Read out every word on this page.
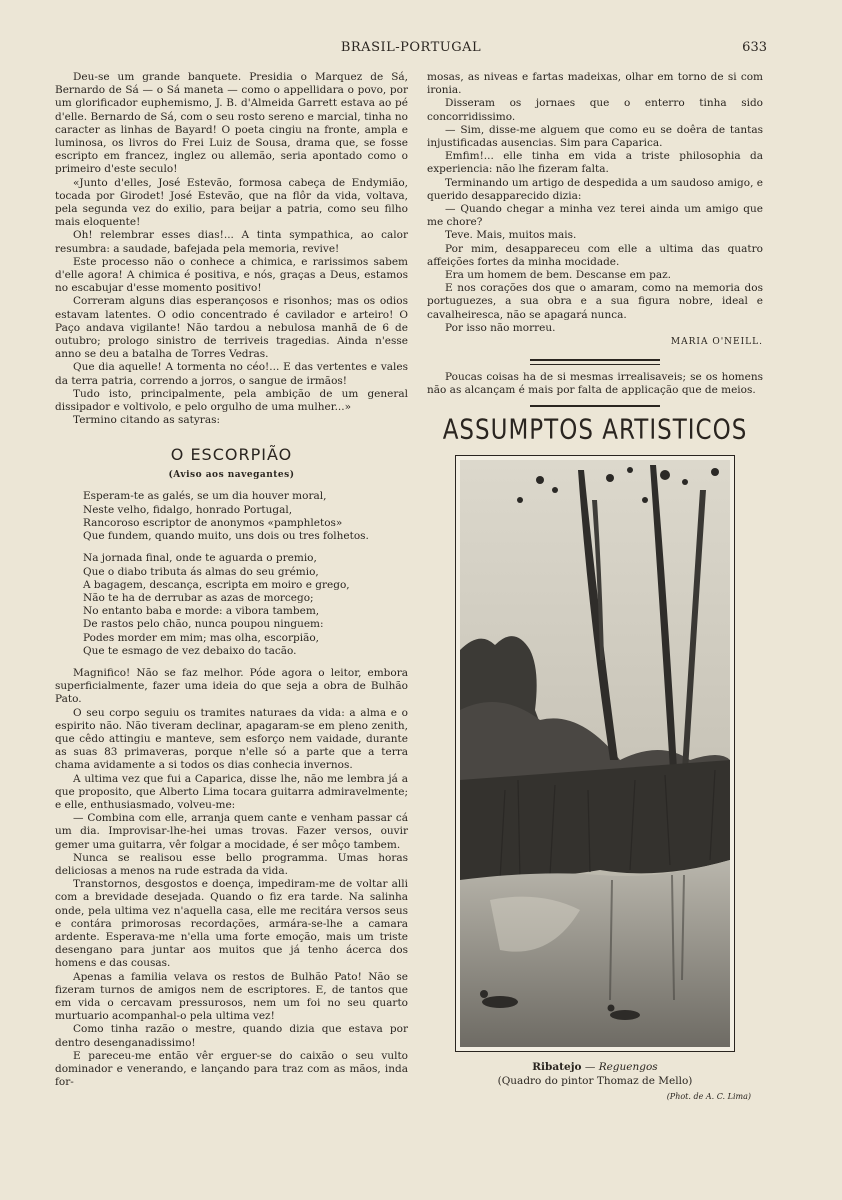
BRASIL-PORTUGAL	633

Deu-se um grande banquete. Presidia o Marquez de Sá, Bernardo de Sá — o Sá maneta — como o appellidara o povo, por um glorificador euphemismo, J. B. d'Almeida Garrett estava ao pé d'elle. Bernardo de Sá, com o seu rosto sereno e marcial, tinha no caracter as linhas de Bayard! O poeta cingiu na fronte, ampla e luminosa, os livros do Frei Luiz de Sousa, drama que, se fosse escripto em francez, inglez ou allemão, seria apontado como o primeiro d'este seculo!

«Junto d'elles, José Estevão, formosa cabeça de Endymião, tocada por Girodet! José Estevão, que na flôr da vida, voltava, pela segunda vez do exilio, para beijar a patria, como seu filho mais eloquente!

Oh! relembrar esses dias!... A tinta sympathica, ao calor resumbra: a saudade, bafejada pela memoria, revive!

Este processo não o conhece a chimica, e rarissimos sabem d'elle agora! A chimica é positiva, e nós, graças a Deus, estamos no escabujar d'esse momento positivo!

Correram alguns dias esperançosos e risonhos; mas os odios estavam latentes. O odio concentrado é cavilador e arteiro! O Paço andava vigilante! Não tardou a nebulosa manhã de 6 de outubro; prologo sinistro de terriveis tragedias. Ainda n'esse anno se deu a batalha de Torres Vedras.

Que dia aquelle! A tormenta no céo!... E das vertentes e vales da terra patria, correndo a jorros, o sangue de irmãos!

Tudo isto, principalmente, pela ambição de um general dissipador e voltivolo, e pelo orgulho de uma mulher...»

Termino citando as satyras:

O ESCORPIÃO
(Aviso aos navegantes)
Esperam-te as galés, se um dia houver moral,
Neste velho, fidalgo, honrado Portugal,
Rancoroso escriptor de anonymos «pamphletos»
Que fundem, quando muito, uns dois ou tres folhetos.
Na jornada final, onde te aguarda o premio,
Que o diabo tributa ás almas do seu grémio,
A bagagem, descança, escripta em moiro e grego,
Não te ha de derrubar as azas de morcego;
No entanto baba e morde: a vibora tambem,
De rastos pelo chão, nunca poupou ninguem:
Podes morder em mim; mas olha, escorpião,
Que te esmago de vez debaixo do tacão.

Magnifico! Não se faz melhor. Póde agora o leitor, embora superficialmente, fazer uma ideia do que seja a obra de Bulhão Pato.

O seu corpo seguiu os tramites naturaes da vida: a alma e o espirito não. Não tiveram declinar, apagaram-se em pleno zenith, que cêdo attingiu e manteve, sem esforço nem vaidade, durante as suas 83 primaveras, porque n'elle só a parte que a terra chama avidamente a si todos os dias conhecia invernos.

A ultima vez que fui a Caparica, disse lhe, não me lembra já a que proposito, que Alberto Lima tocara guitarra admiravelmente; e elle, enthusiasmado, volveu-me:

— Combina com elle, arranja quem cante e venham passar cá um dia. Improvisar-lhe-hei umas trovas. Fazer versos, ouvir gemer uma guitarra, vêr folgar a mocidade, é ser môço tambem.

Nunca se realisou esse bello programma. Umas horas deliciosas a menos na rude estrada da vida.

Transtornos, desgostos e doença, impediram-me de voltar alli com a brevidade desejada. Quando o fiz era tarde. Na salinha onde, pela ultima vez n'aquella casa, elle me recitára versos seus e contára primorosas recordações, armára-se-lhe a camara ardente. Esperava-me n'ella uma forte emoção, mais um triste desengano para juntar aos muitos que já tenho ácerca dos homens e das cousas.

Apenas a familia velava os restos de Bulhão Pato! Não se fizeram turnos de amigos nem de escriptores. E, de tantos que em vida o cercavam pressurosos, nem um foi no seu quarto murtuario acompanhal-o pela ultima vez!

Como tinha razão o mestre, quando dizia que estava por dentro desenganadissimo!

E pareceu-me então vêr erguer-se do caixão o seu vulto dominador e venerando, e lançando para traz com as mãos, inda for-

mosas, as niveas e fartas madeixas, olhar em torno de si com ironia.

Disseram os jornaes que o enterro tinha sido concorridissimo.

— Sim, disse-me alguem que como eu se doêra de tantas injustificadas ausencias. Sim para Caparica.

Emfim!... elle tinha em vida a triste philosophia da experiencia: não lhe fizeram falta.

Terminando um artigo de despedida a um saudoso amigo, e querido desapparecido dizia:

— Quando chegar a minha vez terei ainda um amigo que me chore?

Teve. Mais, muitos mais.

Por mim, desappareceu com elle a ultima das quatro affeições fortes da minha mocidade.

Era um homem de bem. Descanse em paz.

E nos corações dos que o amaram, como na memoria dos portuguezes, a sua obra e a sua figura nobre, ideal e cavalheiresca, não se apagará nunca.

Por isso não morreu.

MARIA O'NEILL.

Poucas coisas ha de si mesmas irrealisaveis; se os homens não as alcançam é mais por falta de applicação que de meios.

ASSUMPTOS ARTISTICOS
Ribatejo — Reguengos
(Quadro do pintor Thomaz de Mello)
(Phot. de A. C. Lima)
